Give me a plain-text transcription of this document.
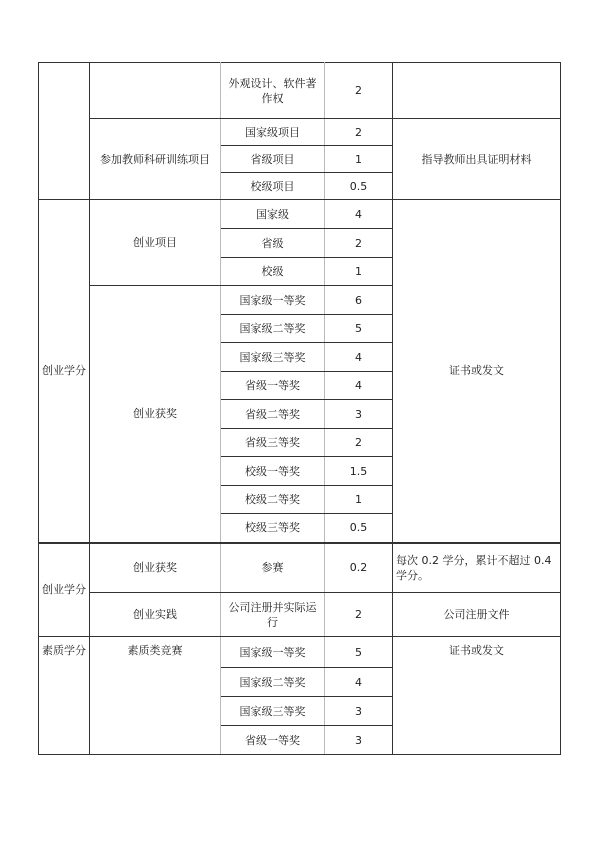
		外观设计、软件著作权	2	
	参加教师科研训练项目	国家级项目	2	指导教师出具证明材料
		省级项目	1	
		校级项目	0.5	
创业学分	创业项目	国家级	4	证书或发文
		省级	2	
		校级	1	
	创业获奖	国家级一等奖	6	
		国家级二等奖	5	
		国家级三等奖	4	
		省级一等奖	4	
		省级二等奖	3	
		省级三等奖	2	
		校级一等奖	1.5	
		校级二等奖	1	
		校级三等奖	0.5	
创业学分	创业获奖	参赛	0.2	每次 0.2 学分，累计不超过 0.4 学分。
	创业实践	公司注册并实际运行	2	公司注册文件
素质学分	素质类竞赛	国家级一等奖	5	证书或发文
		国家级二等奖	4	
		国家级三等奖	3	
		省级一等奖	3	
